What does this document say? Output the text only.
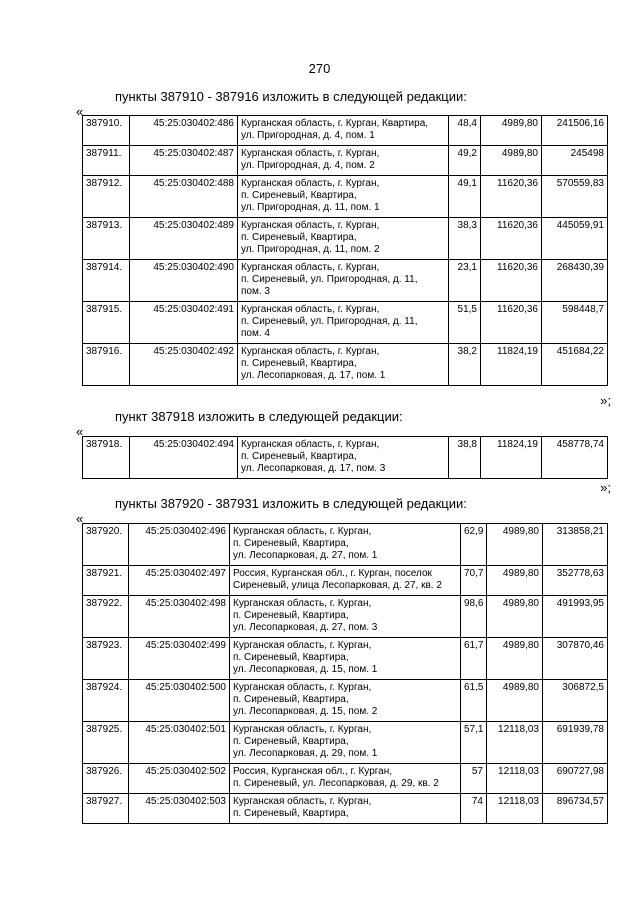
270
пункты 387910 - 387916 изложить в следующей редакции:
«
387910.	45:25:030402:486	Курганская область, г. Курган, Квартира,
ул. Пригородная, д. 4, пом. 1	48,4	4989,80	241506,16
387911.	45:25:030402:487	Курганская область, г. Курган,
ул. Пригородная, д. 4, пом. 2	49,2	4989,80	245498
387912.	45:25:030402:488	Курганская область, г. Курган,
п. Сиреневый, Квартира,
ул. Пригородная, д. 11, пом. 1	49,1	11620,36	570559,83
387913.	45:25:030402:489	Курганская область, г. Курган,
п. Сиреневый, Квартира,
ул. Пригородная, д. 11, пом. 2	38,3	11620,36	445059,91
387914.	45:25:030402:490	Курганская область, г. Курган,
п. Сиреневый, ул. Пригородная, д. 11,
пом. 3	23,1	11620,36	268430,39
387915.	45:25:030402:491	Курганская область, г. Курган,
п. Сиреневый, ул. Пригородная, д. 11,
пом. 4	51,5	11620,36	598448,7
387916.	45:25:030402:492	Курганская область, г. Курган,
п. Сиреневый, Квартира,
ул. Лесопарковая, д. 17, пом. 1	38,2	11824,19	451684,22
»;
пункт 387918 изложить в следующей редакции:
«
387918.	45:25:030402:494	Курганская область, г. Курган,
п. Сиреневый, Квартира,
ул. Лесопарковая, д. 17, пом. 3	38,8	11824,19	458778,74
»;
пункты 387920 - 387931 изложить в следующей редакции:
«
387920.	45:25:030402:496	Курганская область, г. Курган,
п. Сиреневый, Квартира,
ул. Лесопарковая, д. 27, пом. 1	62,9	4989,80	313858,21
387921.	45:25:030402:497	Россия, Курганская обл., г. Курган, поселок
Сиреневый, улица Лесопарковая, д. 27, кв. 2	70,7	4989,80	352778,63
387922.	45:25:030402:498	Курганская область, г. Курган,
п. Сиреневый, Квартира,
ул. Лесопарковая, д. 27, пом. 3	98,6	4989,80	491993,95
387923.	45:25:030402:499	Курганская область, г. Курган,
п. Сиреневый, Квартира,
ул. Лесопарковая, д. 15, пом. 1	61,7	4989,80	307870,46
387924.	45:25:030402:500	Курганская область, г. Курган,
п. Сиреневый, Квартира,
ул. Лесопарковая, д. 15, пом. 2	61,5	4989,80	306872,5
387925.	45:25:030402:501	Курганская область, г. Курган,
п. Сиреневый, Квартира,
ул. Лесопарковая, д. 29, пом. 1	57,1	12118,03	691939,78
387926.	45:25:030402:502	Россия, Курганская обл., г. Курган,
п. Сиреневый, ул. Лесопарковая, д. 29, кв. 2	57	12118,03	690727,98
387927.	45:25:030402:503	Курганская область, г. Курган,
п. Сиреневый, Квартира,	74	12118,03	896734,57
